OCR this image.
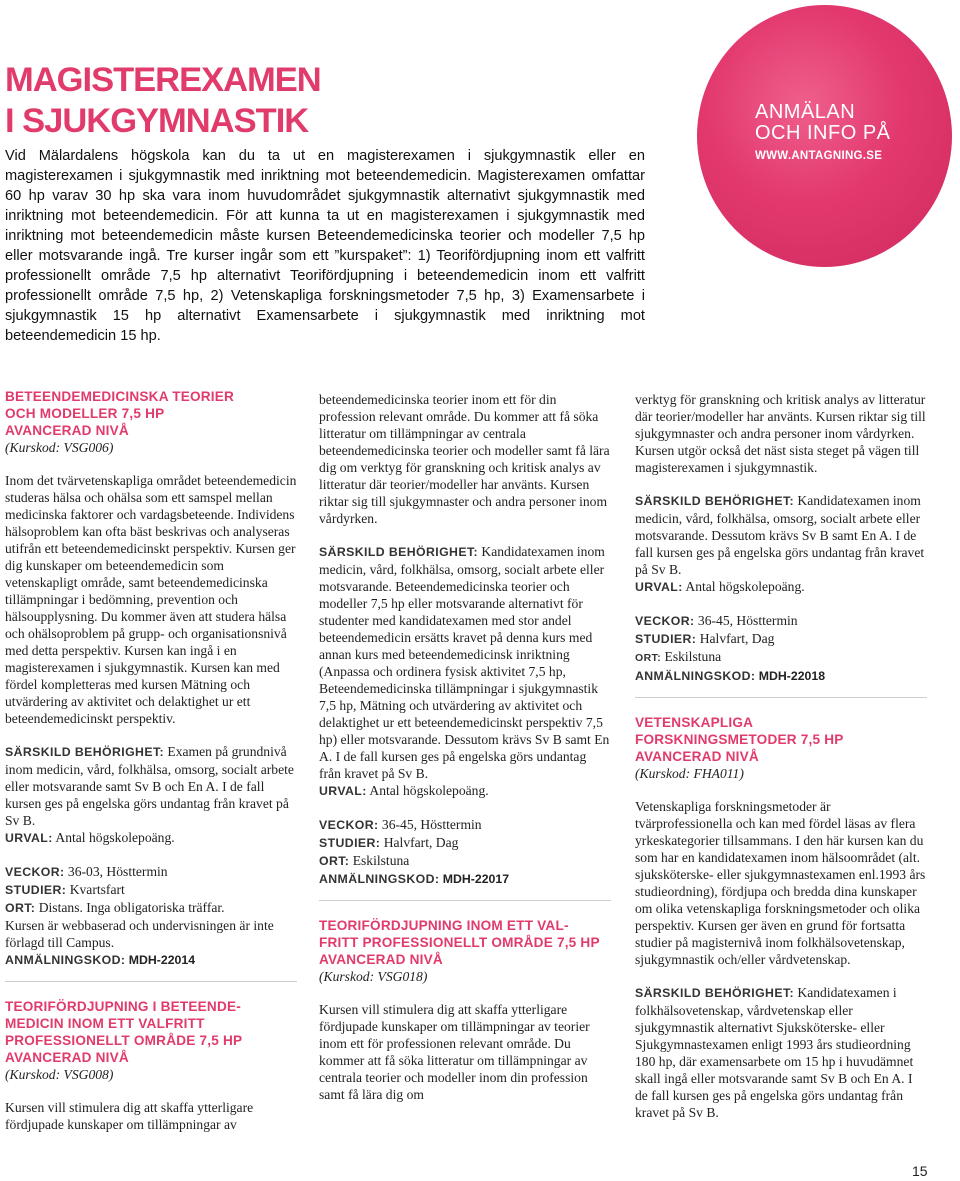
ANMÄLAN
OCH INFO PÅ
WWW.ANTAGNING.SE
MAGISTEREXAMEN
I SJUKGYMNASTIK

Vid Mälardalens högskola kan du ta ut en magisterexamen i sjukgymnastik eller en magisterexamen i sjukgymnastik med inriktning mot beteendemedicin. Magisterexamen omfattar 60 hp varav 30 hp ska vara inom huvudområdet sjukgymnastik alternativt sjukgymnastik med inriktning mot beteendemedicin. För att kunna ta ut en magisterexamen i sjukgymnastik med inriktning mot beteendemedicin måste kursen Beteendemedicinska teorier och modeller 7,5 hp eller motsvarande ingå. Tre kurser ingår som ett ”kurspaket”: 1) Teorifördjupning inom ett valfritt professionellt område 7,5 hp alternativt Teorifördjupning i beteendemedicin inom ett valfritt professionellt område 7,5 hp, 2) Vetenskapliga forskningsmetoder 7,5 hp, 3) Examensarbete i sjukgymnastik 15 hp alternativt Examensarbete i sjukgymnastik med inriktning mot beteendemedicin 15 hp.

BETEENDEMEDICINSKA TEORIER
OCH MODELLER 7,5 HP
AVANCERAD NIVÅ

(Kurskod: VSG006)

Inom det tvärvetenskapliga området beteendemedicin studeras hälsa och ohälsa som ett samspel mellan medicinska faktorer och vardagsbeteende. Individens hälsoproblem kan ofta bäst beskrivas och analyseras utifrån ett beteendemedicinskt perspektiv. Kursen ger dig kunskaper om beteendemedicin som vetenskapligt område, samt beteendemedicinska tillämpningar i bedömning, prevention och hälsoupplysning. Du kommer även att studera hälsa och ohälsoproblem på grupp- och organisationsnivå med detta perspektiv. Kursen kan ingå i en magisterexamen i sjukgymnastik. Kursen kan med fördel kompletteras med kursen Mätning och utvärdering av aktivitet och delaktighet ur ett beteendemedicinskt perspektiv.

SÄRSKILD BEHÖRIGHET: Examen på grundnivå inom medicin, vård, folkhälsa, omsorg, socialt arbete eller motsvarande samt Sv B och En A. I de fall kursen ges på engelska görs undantag från kravet på Sv B.
URVAL: Antal högskolepoäng.

VECKOR: 36-03, Hösttermin
STUDIER: Kvartsfart
ORT: Distans. Inga obligatoriska träffar.
Kursen är webbaserad och undervisningen är inte förlagd till Campus.
ANMÄLNINGSKOD: MDH-22014

TEORIFÖRDJUPNING I BETEENDE-
MEDICIN INOM ETT VALFRITT
PROFESSIONELLT OMRÅDE 7,5 HP
AVANCERAD NIVÅ

(Kurskod: VSG008)

Kursen vill stimulera dig att skaffa ytterligare fördjupade kunskaper om tillämpningar av

beteendemedicinska teorier inom ett för din profession relevant område. Du kommer att få söka litteratur om tillämpningar av centrala beteendemedicinska teorier och modeller samt få lära dig om verktyg för granskning och kritisk analys av litteratur där teorier/modeller har använts. Kursen riktar sig till sjukgymnaster och andra personer inom vårdyrken.

SÄRSKILD BEHÖRIGHET: Kandidatexamen inom medicin, vård, folkhälsa, omsorg, socialt arbete eller motsvarande. Beteendemedicinska teorier och modeller 7,5 hp eller motsvarande alternativt för studenter med kandidatexamen med stor andel beteendemedicin ersätts kravet på denna kurs med annan kurs med beteendemedicinsk inriktning (Anpassa och ordinera fysisk aktivitet 7,5 hp, Beteendemedicinska tillämpningar i sjukgymnastik 7,5 hp, Mätning och utvärdering av aktivitet och delaktighet ur ett beteendemedicinskt perspektiv 7,5 hp) eller motsvarande. Dessutom krävs Sv B samt En A. I de fall kursen ges på engelska görs undantag från kravet på Sv B.
URVAL: Antal högskolepoäng.

VECKOR: 36-45, Hösttermin
STUDIER: Halvfart, Dag
ORT: Eskilstuna
ANMÄLNINGSKOD: MDH-22017

TEORIFÖRDJUPNING INOM ETT VAL-
FRITT PROFESSIONELLT OMRÅDE 7,5 HP
AVANCERAD NIVÅ

(Kurskod: VSG018)

Kursen vill stimulera dig att skaffa ytterligare fördjupade kunskaper om tillämpningar av teorier inom ett för professionen relevant område. Du kommer att få söka litteratur om tillämpningar av centrala teorier och modeller inom din profession samt få lära dig om

verktyg för granskning och kritisk analys av litteratur där teorier/modeller har använts. Kursen riktar sig till sjukgymnaster och andra personer inom vårdyrken. Kursen utgör också det näst sista steget på vägen till magisterexamen i sjukgymnastik.

SÄRSKILD BEHÖRIGHET: Kandidatexamen inom medicin, vård, folkhälsa, omsorg, socialt arbete eller motsvarande. Dessutom krävs Sv B samt En A. I de fall kursen ges på engelska görs undantag från kravet på Sv B.
URVAL: Antal högskolepoäng.

VECKOR: 36-45, Hösttermin
STUDIER: Halvfart, Dag
ORT: Eskilstuna
ANMÄLNINGSKOD: MDH-22018

VETENSKAPLIGA
FORSKNINGSMETODER 7,5 HP
AVANCERAD NIVÅ

(Kurskod: FHA011)

Vetenskapliga forskningsmetoder är tvärprofessionella och kan med fördel läsas av flera yrkeskategorier tillsammans. I den här kursen kan du som har en kandidatexamen inom hälsoområdet (alt. sjuksköterske- eller sjukgymnastexamen enl.1993 års studieordning), fördjupa och bredda dina kunskaper om olika vetenskapliga forskningsmetoder och olika perspektiv. Kursen ger även en grund för fortsatta studier på magisternivå inom folkhälsovetenskap, sjukgymnastik och/eller vårdvetenskap.

SÄRSKILD BEHÖRIGHET: Kandidatexamen i folkhälsovetenskap, vårdvetenskap eller sjukgymnastik alternativt Sjuksköterske- eller Sjukgymnastexamen enligt 1993 års studieordning 180 hp, där examensarbete om 15 hp i huvudämnet skall ingå eller motsvarande samt Sv B och En A. I de fall kursen ges på engelska görs undantag från kravet på Sv B.

15
